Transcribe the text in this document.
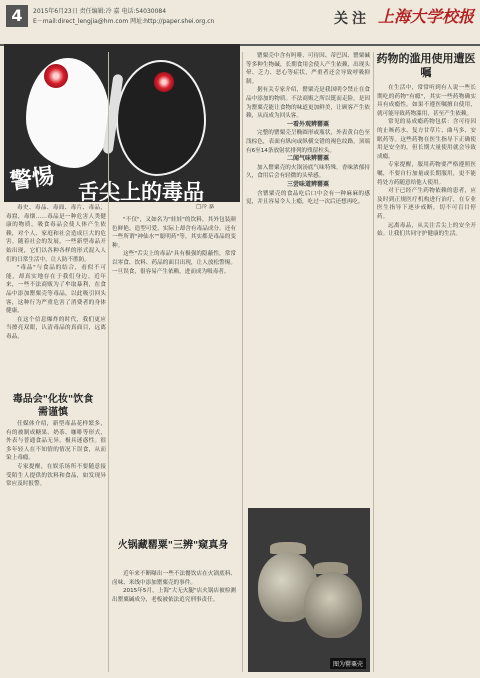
4	2015年6月23日 责任编辑:冷 嘉 电话:54030084
E－mail:direct_lengjia@hm.com 网址:http://paper.shei.org.cn	关注 上海大学校报
警惕 舌尖上的毒品
□冷 嘉

毒史、毒品、毒面、毒片、毒品，毒窟，毒烟……毒品是一种危害人类健康的物质，吸食毒品会使人体产生依赖，对个人、家庭和社会造成巨大的危害。随着社会的发展，一些新型毒品开始出现，它们以各种各样的形式混入人们的日常生活中，让人防不胜防。

"毒品"与食品的结合，看似不可能，却真实地存在于我们身边。近年来，一些不法商贩为了牟取暴利，在食品中添加罂粟壳等毒品，以此吸引回头客，这种行为严重危害了消费者的身体健康。

在这个信息爆炸的时代，我们更应当擦亮双眼，认清毒品的真面目，远离毒品。

毒品会"化妆"饮食需谨慎

任媒体介绍，新型毒品花样繁多，有的被制成糖果、奶茶、咖啡等形式，外表与普通食品无异，极具迷惑性。很多年轻人在不知情的情况下误食，从而染上毒瘾。

专家提醒，在娱乐场所不要随意接受陌生人提供的饮料和食品，如发现异常应及时报警。

"不仅"，又如名为"娃娃"的饮料，其外包装颜色鲜艳、造型可爱，实际上却含有毒品成分。还有一些所谓"神仙水""聪明药"等，其实都是毒品的变种。

这些"舌尖上的毒品"具有极强的隐蔽性，常常以零食、饮料、药品的面目出现，让人放松警惕。一旦误食，很容易产生依赖，进而成为吸毒者。

火锅藏罂粟"三辨"窥真身

近年来不断曝出一些不法餐饮店在火锅底料、卤味、米线中添加罂粟壳的事件。

2015年5月，上海"大无火腿"店火锅店被检测出罂粟碱成分，老板被依法追究刑事责任。

罂粟壳中含有吗啡、可待因、蒂巴因、罂粟碱等多种生物碱，长期食用会使人产生依赖，出现头晕、乏力、恶心等症状，严重者还会导致呼吸抑制。

据有关专家介绍，罂粟壳是我国明令禁止在食品中添加的物质。不法商贩之所以铤而走险，是因为罂粟壳能让食物的味道更加鲜美，让顾客产生依赖，从而成为回头客。

一看外观辨罂粟

完整的罂粟壳呈椭圆形或瓶状，外表黄白色至浅棕色，表面有纵向或纵横交错的褐色纹路，顶端有6至14条放射状排列的残留柱头。

二闻气味辨罂粟

加入罂粟壳的火锅汤底气味特殊，香味浓郁持久，食用后会有轻微的头晕感。

三尝味道辨罂粟

含罂粟壳的食品吃后口中会有一种麻麻的感觉，并且容易令人上瘾，吃过一次后还想再吃。

图为罂粟壳
药物的滥用使用遭医嘱

在生活中，常常听到有人说一些长期吃的药物"有瘾"，其实一些药物确实具有成瘾性。如果不遵医嘱擅自使用，就可能导致药物滥用，甚至产生依赖。

常见的易成瘾药物包括：含可待因的止咳药水、复方甘草片、曲马多、安眠药等。这些药物在医生指导下正确使用是安全的，但长期大量使用就会导致成瘾。

专家提醒，服用药物要严格遵照医嘱，不要自行加量或长期服用，更不能将处方药随意给他人使用。

对于已经产生药物依赖的患者，应及时到正规医疗机构进行治疗，在专业医生指导下逐步戒断，切不可盲目停药。

远离毒品，从关注舌尖上的安全开始。让我们共同守护健康的生活。
